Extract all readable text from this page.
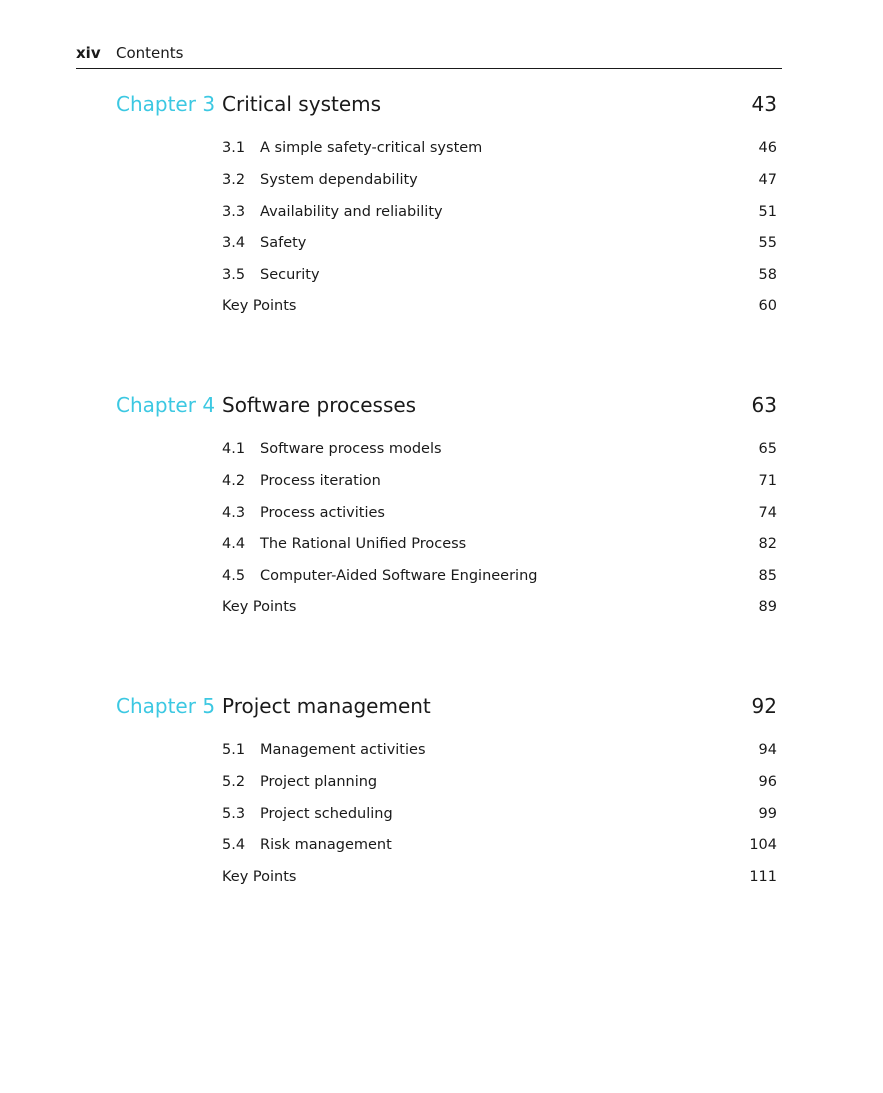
xiv Contents
Chapter 3 Critical systems	43
3.1 A simple safety-critical system	46
3.2 System dependability	47
3.3 Availability and reliability	51
3.4 Safety	55
3.5 Security	58
Key Points	60
Chapter 4 Software processes	63
4.1 Software process models	65
4.2 Process iteration	71
4.3 Process activities	74
4.4 The Rational Unified Process	82
4.5 Computer-Aided Software Engineering	85
Key Points	89
Chapter 5 Project management	92
5.1 Management activities	94
5.2 Project planning	96
5.3 Project scheduling	99
5.4 Risk management	104
Key Points	111
